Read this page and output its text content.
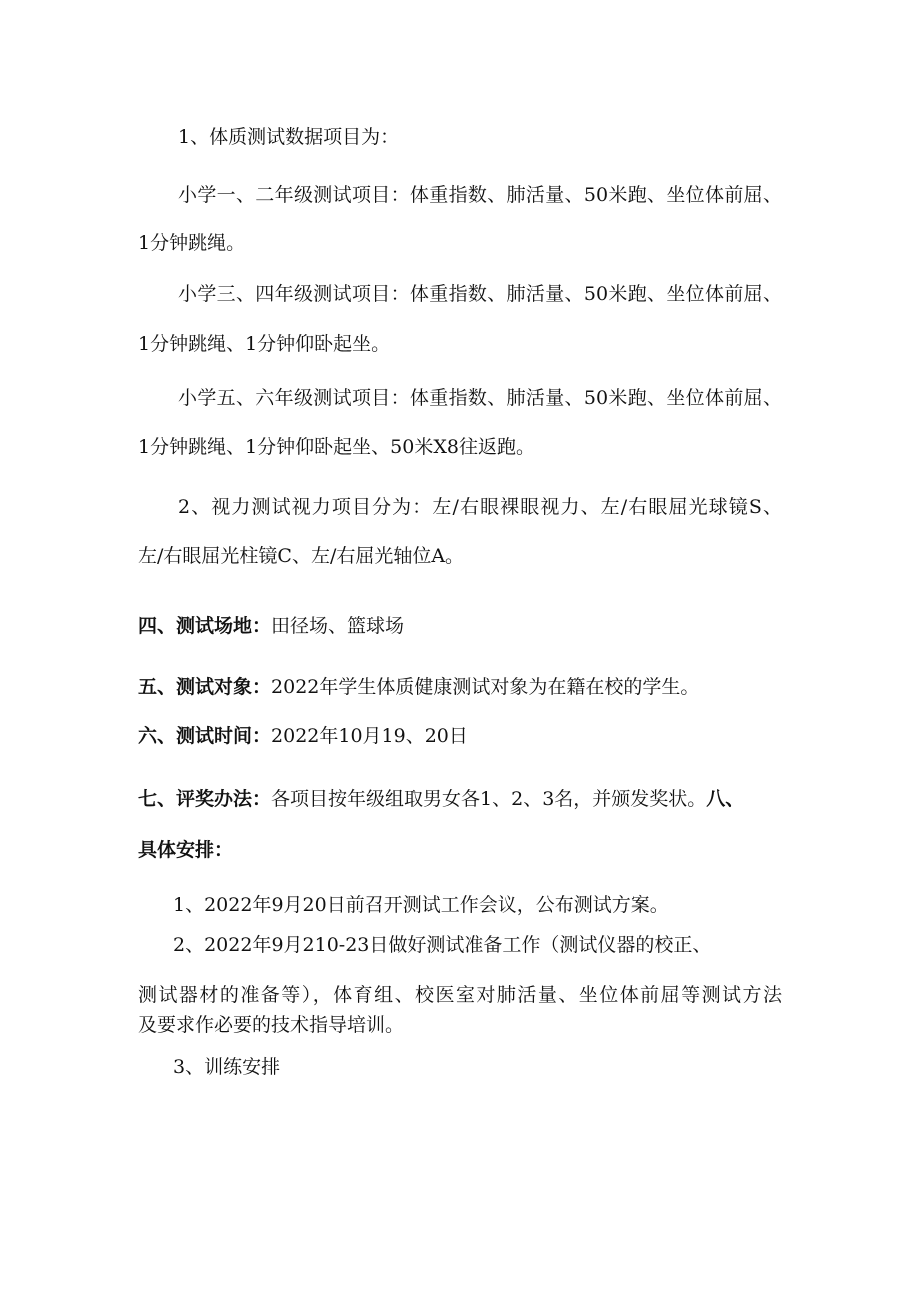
1、体质测试数据项目为：

小学一、二年级测试项目：体重指数、肺活量、50米跑、坐位体前屈、

1分钟跳绳。

小学三、四年级测试项目：体重指数、肺活量、50米跑、坐位体前屈、

1分钟跳绳、1分钟仰卧起坐。

小学五、六年级测试项目：体重指数、肺活量、50米跑、坐位体前屈、

1分钟跳绳、1分钟仰卧起坐、50米X8往返跑。

2、视力测试视力项目分为：左/右眼裸眼视力、左/右眼屈光球镜S、

左/右眼屈光柱镜C、左/右屈光轴位A。

四、测试场地：田径场、篮球场

五、测试对象：2022年学生体质健康测试对象为在籍在校的学生。

六、测试时间：2022年10月19、20日

七、评奖办法：各项目按年级组取男女各1、2、3名，并颁发奖状。八、

具体安排：

1、2022年9月20日前召开测试工作会议，公布测试方案。

2、2022年9月210-23日做好测试准备工作（测试仪器的校正、

测试器材的准备等），体育组、校医室对肺活量、坐位体前屈等测试方法

及要求作必要的技术指导培训。

3、训练安排
